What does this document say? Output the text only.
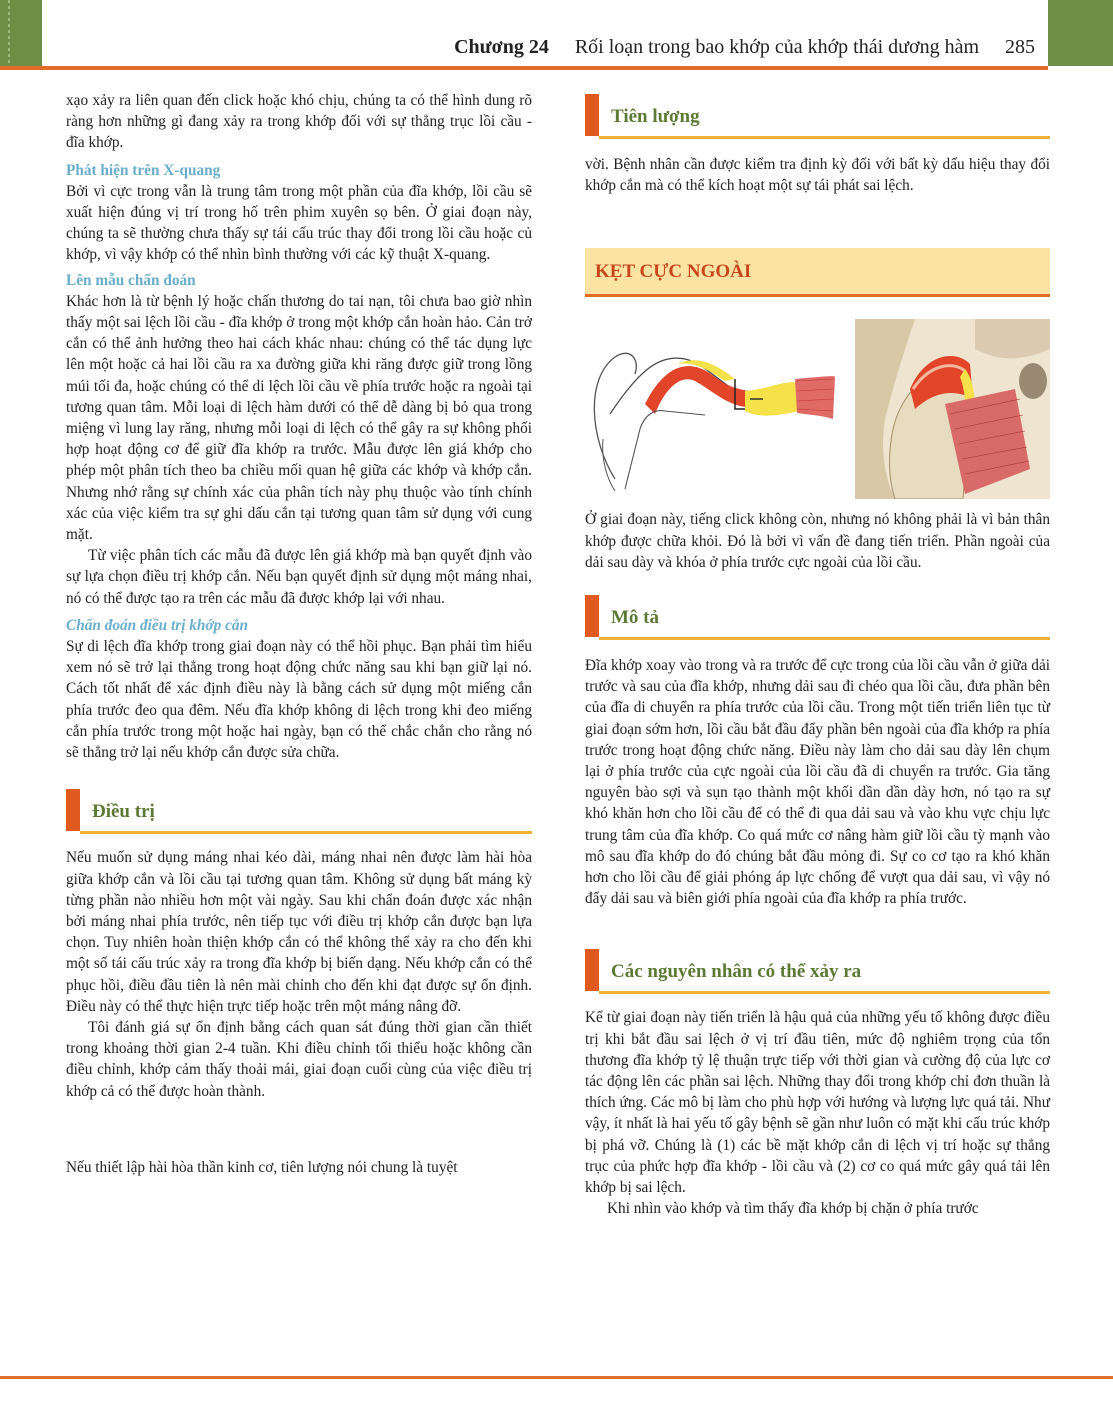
Chương 24 Rối loạn trong bao khớp của khớp thái dương hàm 285

xạo xảy ra liên quan đến click hoặc khó chịu, chúng ta có thể hình dung rõ ràng hơn những gì đang xảy ra trong khớp đối với sự thẳng trục lồi cầu - đĩa khớp.

Phát hiện trên X-quang

Bởi vì cực trong vẫn là trung tâm trong một phần của đĩa khớp, lồi cầu sẽ xuất hiện đúng vị trí trong hố trên phim xuyên sọ bên. Ở giai đoạn này, chúng ta sẽ thường chưa thấy sự tái cấu trúc thay đổi trong lồi cầu hoặc củ khớp, vì vậy khớp có thể nhìn bình thường với các kỹ thuật X-quang.

Lên mẫu chẩn đoán

Khác hơn là từ bệnh lý hoặc chấn thương do tai nạn, tôi chưa bao giờ nhìn thấy một sai lệch lồi cầu - đĩa khớp ở trong một khớp cắn hoàn hảo. Cản trở cắn có thể ảnh hưởng theo hai cách khác nhau: chúng có thể tác dụng lực lên một hoặc cả hai lồi cầu ra xa đường giữa khi răng được giữ trong lồng múi tối đa, hoặc chúng có thể di lệch lồi cầu về phía trước hoặc ra ngoài tại tương quan tâm. Mỗi loại di lệch hàm dưới có thể dễ dàng bị bỏ qua trong miệng vì lung lay răng, nhưng mỗi loại di lệch có thể gây ra sự không phối hợp hoạt động cơ để giữ đĩa khớp ra trước. Mẫu được lên giá khớp cho phép một phân tích theo ba chiều mối quan hệ giữa các khớp và khớp cắn. Nhưng nhớ rằng sự chính xác của phân tích này phụ thuộc vào tính chính xác của việc kiểm tra sự ghi dấu cắn tại tương quan tâm sử dụng với cung mặt.

Từ việc phân tích các mẫu đã được lên giá khớp mà bạn quyết định vào sự lựa chọn điều trị khớp cắn. Nếu bạn quyết định sử dụng một máng nhai, nó có thể được tạo ra trên các mẫu đã được khớp lại với nhau.

Chẩn đoán điều trị khớp cắn

Sự di lệch đĩa khớp trong giai đoạn này có thể hồi phục. Bạn phải tìm hiểu xem nó sẽ trở lại thẳng trong hoạt động chức năng sau khi bạn giữ lại nó. Cách tốt nhất để xác định điều này là bằng cách sử dụng một miếng cắn phía trước đeo qua đêm. Nếu đĩa khớp không di lệch trong khi đeo miếng cắn phía trước trong một hoặc hai ngày, bạn có thể chắc chắn cho rằng nó sẽ thẳng trở lại nếu khớp cắn được sửa chữa.

Điều trị

Nếu muốn sử dụng máng nhai kéo dài, máng nhai nên được làm hài hòa giữa khớp cắn và lồi cầu tại tương quan tâm. Không sử dụng bất máng kỳ từng phần nào nhiều hơn một vài ngày. Sau khi chẩn đoán được xác nhận bởi máng nhai phía trước, nên tiếp tục với điều trị khớp cắn được bạn lựa chọn. Tuy nhiên hoàn thiện khớp cắn có thể không thể xảy ra cho đến khi một số tái cấu trúc xảy ra trong đĩa khớp bị biến dạng. Nếu khớp cắn có thể phục hồi, điều đầu tiên là nên mài chỉnh cho đến khi đạt được sự ổn định. Điều này có thể thực hiện trực tiếp hoặc trên một máng nâng đỡ.

Tôi đánh giá sự ổn định bằng cách quan sát đúng thời gian cần thiết trong khoảng thời gian 2-4 tuần. Khi điều chỉnh tối thiểu hoặc không cần điều chỉnh, khớp cảm thấy thoải mái, giai đoạn cuối cùng của việc điều trị khớp cả có thể được hoàn thành.

Nếu thiết lập hài hòa thần kinh cơ, tiên lượng nói chung là tuyệt

Tiên lượng

vời. Bệnh nhân cần được kiểm tra định kỳ đối với bất kỳ dấu hiệu thay đổi khớp cắn mà có thể kích hoạt một sự tái phát sai lệch.

KẸT CỰC NGOÀI

Ở giai đoạn này, tiếng click không còn, nhưng nó không phải là vì bản thân khớp được chữa khỏi. Đó là bởi vì vấn đề đang tiến triển. Phần ngoài của dải sau dày và khóa ở phía trước cực ngoài của lồi cầu.

Mô tả

Đĩa khớp xoay vào trong và ra trước để cực trong của lồi cầu vẫn ở giữa dải trước và sau của đĩa khớp, nhưng dải sau đi chéo qua lồi cầu, đưa phần bên của đĩa di chuyển ra phía trước của lồi cầu. Trong một tiến triển liên tục từ giai đoạn sớm hơn, lồi cầu bắt đầu đẩy phần bên ngoài của đĩa khớp ra phía trước trong hoạt động chức năng. Điều này làm cho dải sau dày lên chụm lại ở phía trước của cực ngoài của lồi cầu đã di chuyển ra trước. Gia tăng nguyên bào sợi và sụn tạo thành một khối dần dần dày hơn, nó tạo ra sự khó khăn hơn cho lồi cầu để có thể đi qua dải sau và vào khu vực chịu lực trung tâm của đĩa khớp. Co quá mức cơ nâng hàm giữ lồi cầu tỳ mạnh vào mô sau đĩa khớp do đó chúng bắt đầu mỏng đi. Sự co cơ tạo ra khó khăn hơn cho lồi cầu để giải phóng áp lực chống để vượt qua dải sau, vì vậy nó đẩy dải sau và biên giới phía ngoài của đĩa khớp ra phía trước.

Các nguyên nhân có thể xảy ra

Kể từ giai đoạn này tiến triển là hậu quả của những yếu tố không được điều trị khi bắt đầu sai lệch ở vị trí đầu tiên, mức độ nghiêm trọng của tổn thương đĩa khớp tỷ lệ thuận trực tiếp với thời gian và cường độ của lực cơ tác động lên các phần sai lệch. Những thay đổi trong khớp chỉ đơn thuần là thích ứng. Các mô bị làm cho phù hợp với hướng và lượng lực quá tải. Như vậy, ít nhất là hai yếu tố gây bệnh sẽ gần như luôn có mặt khi cấu trúc khớp bị phá vỡ. Chúng là (1) các bề mặt khớp cắn di lệch vị trí hoặc sự thẳng trục của phức hợp đĩa khớp - lồi cầu và (2) cơ co quá mức gây quá tải lên khớp bị sai lệch.

Khi nhìn vào khớp và tìm thấy đĩa khớp bị chặn ở phía trước
